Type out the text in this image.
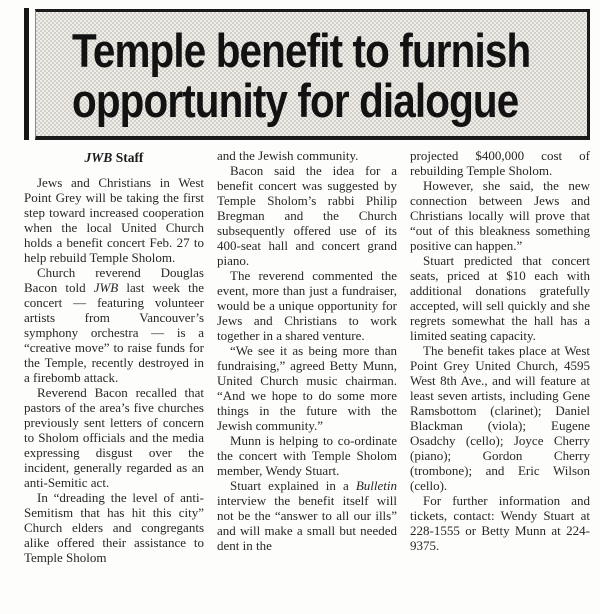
Temple benefit to furnish
opportunity for dialogue
JWB Staff

Jews and Christians in West Point Grey will be taking the first step toward increased cooperation when the local United Church holds a benefit concert Feb. 27 to help rebuild Temple Sholom.

Church reverend Douglas Bacon told JWB last week the concert — featuring volunteer artists from Vancouver’s symphony orchestra — is a “creative move” to raise funds for the Temple, recently destroyed in a firebomb attack.

Reverend Bacon recalled that pastors of the area’s five churches previously sent letters of concern to Sholom officials and the media expressing disgust over the incident, generally regarded as an anti-Semitic act.

In “dreading the level of anti-Semitism that has hit this city” Church elders and congregants alike offered their assistance to Temple Sholom

and the Jewish community.

Bacon said the idea for a benefit concert was suggested by Temple Sholom’s rabbi Philip Bregman and the Church subsequently offered use of its 400-seat hall and concert grand piano.

The reverend commented the event, more than just a fundraiser, would be a unique opportunity for Jews and Christians to work together in a shared venture.

“We see it as being more than fundraising,” agreed Betty Munn, United Church music chairman. “And we hope to do some more things in the future with the Jewish community.”

Munn is helping to co-ordinate the concert with Temple Sholom member, Wendy Stuart.

Stuart explained in a Bulletin interview the benefit itself will not be the “answer to all our ills” and will make a small but needed dent in the

projected $400,000 cost of rebuilding Temple Sholom.

However, she said, the new connection between Jews and Christians locally will prove that “out of this bleakness something positive can happen.”

Stuart predicted that concert seats, priced at $10 each with additional donations gratefully accepted, will sell quickly and she regrets somewhat the hall has a limited seating capacity.

The benefit takes place at West Point Grey United Church, 4595 West 8th Ave., and will feature at least seven artists, including Gene Ramsbottom (clarinet); Daniel Blackman (viola); Eugene Osadchy (cello); Joyce Cherry (piano); Gordon Cherry (trombone); and Eric Wilson (cello).

For further information and tickets, contact: Wendy Stuart at 228-1555 or Betty Munn at 224-9375.
